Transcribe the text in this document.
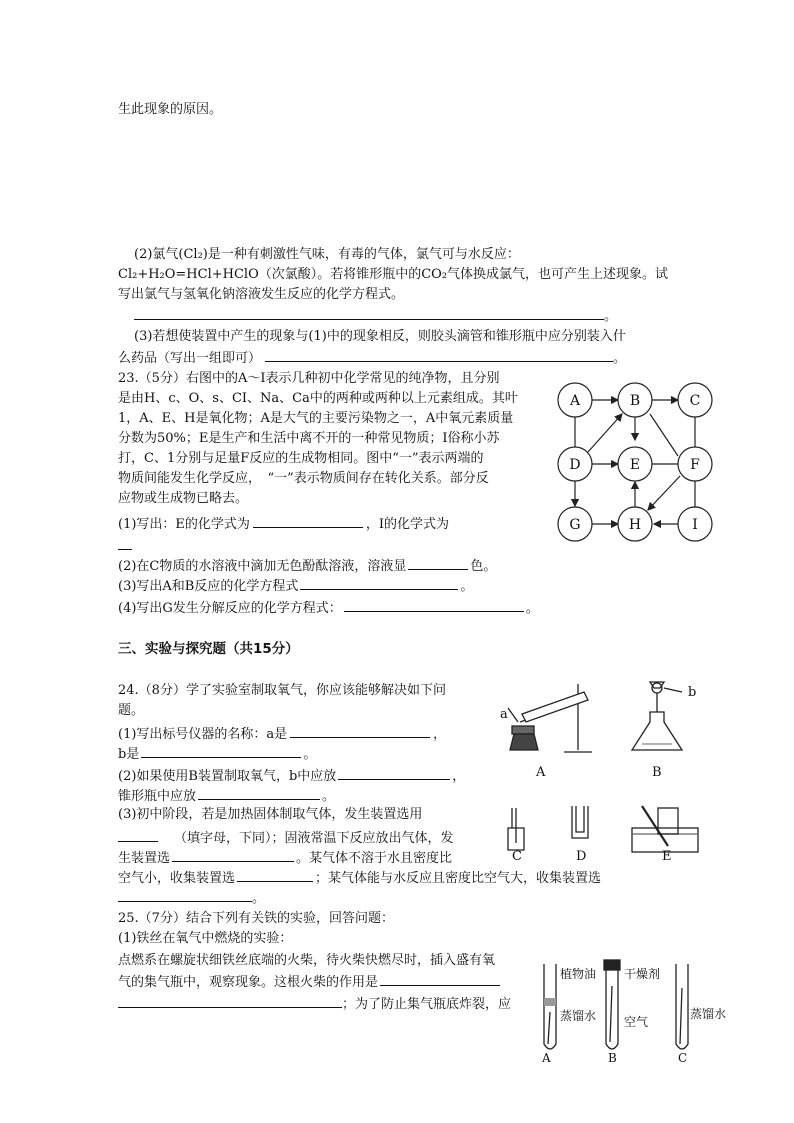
生此现象的原因。
(2)氯气(Cl₂)是一种有刺激性气味，有毒的气体，氯气可与水反应：
Cl₂+H₂O=HCl+HClO（次氯酸）。若将锥形瓶中的CO₂气体换成氯气，也可产生上述现象。试
写出氯气与氢氧化钠溶液发生反应的化学方程式。
。
(3)若想使装置中产生的现象与(1)中的现象相反，则胶头滴管和锥形瓶中应分别装入什
么药品（写出一组即可）	。
23.（5分）右图中的A～I表示几种初中化学常见的纯净物，且分别
是由H、c、O、s、CI、Na、Ca中的两种或两种以上元素组成。其叶
1，A、E、H是氧化物；A是大气的主要污染物之一，A中氧元素质量
分数为50%；E是生产和生活中离不开的一种常见物质；I俗称小苏
打，C、1分别与足量F反应的生成物相同。图中“一”表示两端的
物质间能发生化学反应，　“一”表示物质间存在转化关系。部分反
应物或生成物已略去。
(1)写出：E的化学式为	，I的化学式为
(2)在C物质的水溶液中滴加无色酚酞溶液，溶液显	色。
(3)写出A和B反应的化学方程式	。
(4)写出G发生分解反应的化学方程式：	。
A	B	C
D	E	F
G	H	I
三、实验与探究题（共15分）
24.（8分）学了实验室制取氧气，你应该能够解决如下问
题。
(1)写出标号仪器的名称：a是	，
b是	。
(2)如果使用B装置制取氧气，b中应放	，
锥形瓶中应放	。
(3)初中阶段，若是加热固体制取气体，发生装置选用
（填字母，下同）；固液常温下反应放出气体，发
生装置选	。某气体不溶于水且密度比
空气小，收集装置选	；某气体能与水反应且密度比空气大，收集装置选
。
a
b
A	B
C	D	E
25.（7分）结合下列有关铁的实验，回答问题：
(1)铁丝在氧气中燃烧的实验：
点燃系在螺旋状细铁丝底端的火柴，待火柴快燃尽时，插入盛有氧
气的集气瓶中，观察现象。这根火柴的作用是
；为了防止集气瓶底炸裂，应
植物油 干燥剂
蒸馏水 空气
蒸馏水
A	B	C
